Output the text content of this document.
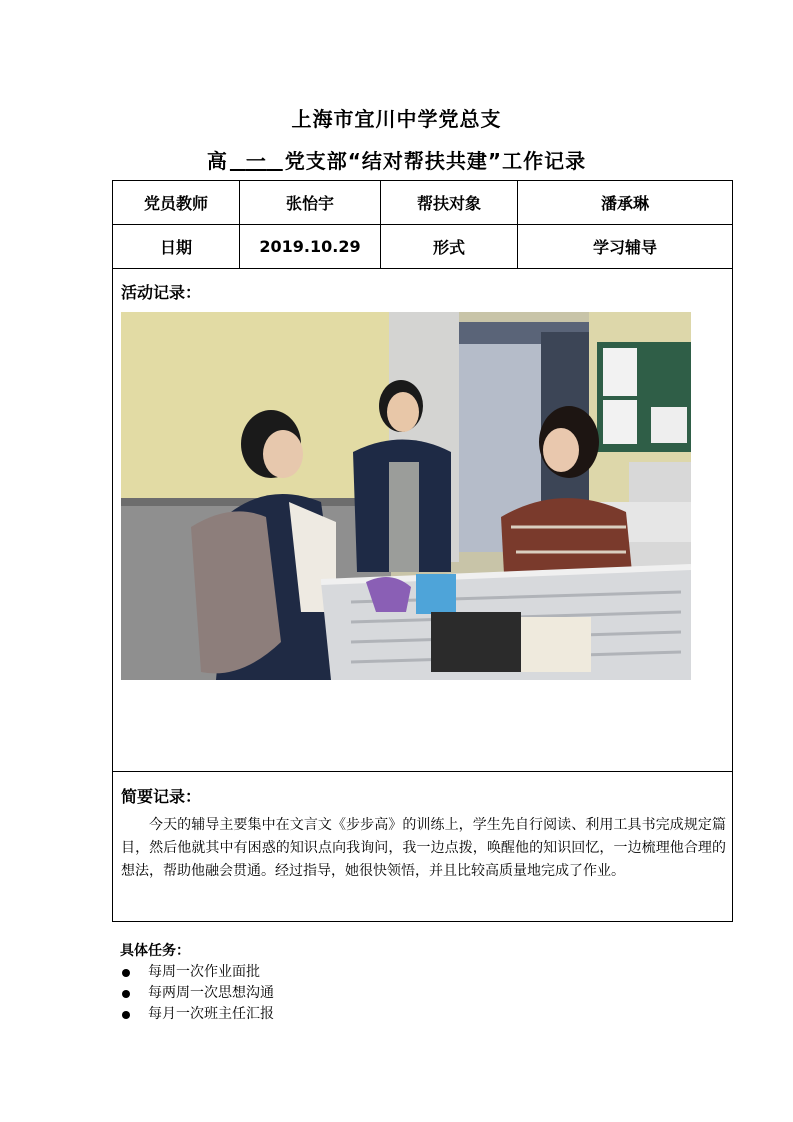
上海市宜川中学党总支
高 一 党支部“结对帮扶共建”工作记录
党员教师	张怡宇	帮扶对象	潘承琳
日期	2019.10.29	形式	学习辅导
活动记录：
简要记录：
今天的辅导主要集中在文言文《步步高》的训练上，学生先自行阅读、利用工具书完成规定篇目，然后他就其中有困惑的知识点向我询问，我一边点拨，唤醒他的知识回忆，一边梳理他合理的想法，帮助他融会贯通。经过指导，她很快领悟，并且比较高质量地完成了作业。
具体任务：
每周一次作业面批
每两周一次思想沟通
每月一次班主任汇报
